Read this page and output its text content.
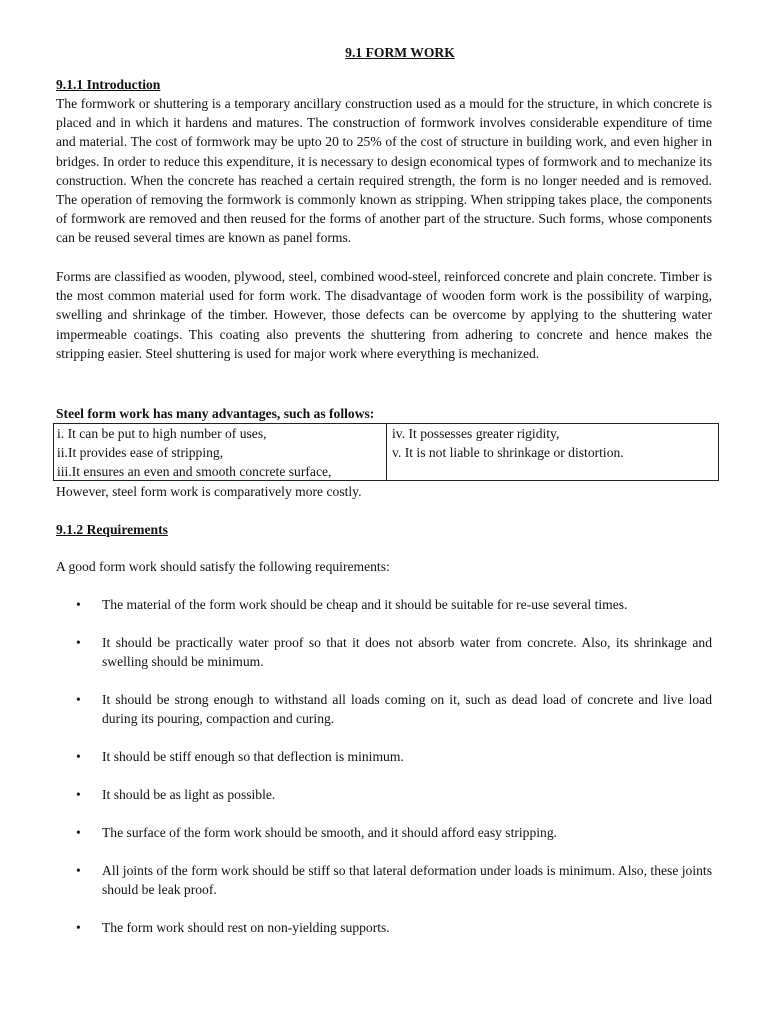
9.1 FORM WORK
9.1.1 Introduction
The formwork or shuttering is a temporary ancillary construction used as a mould for the structure, in which concrete is placed and in which it hardens and matures. The construction of formwork involves considerable expenditure of time and material. The cost of formwork may be upto 20 to 25% of the cost of structure in building work, and even higher in bridges. In order to reduce this expenditure, it is necessary to design economical types of formwork and to mechanize its construction. When the concrete has reached a certain required strength, the form is no longer needed and is removed. The operation of removing the formwork is commonly known as stripping. When stripping takes place, the components of formwork are removed and then reused for the forms of another part of the structure. Such forms, whose components can be reused several times are known as panel forms.
Forms are classified as wooden, plywood, steel, combined wood-steel, reinforced concrete and plain concrete. Timber is the most common material used for form work. The disadvantage of wooden form work is the possibility of warping, swelling and shrinkage of the timber. However, those defects can be overcome by applying to the shuttering water impermeable coatings. This coating also prevents the shuttering from adhering to concrete and hence makes the stripping easier. Steel shuttering is used for major work where everything is mechanized.
Steel form work has many advantages, such as follows:
i. It can be put to high number of uses,
ii.It provides ease of stripping,
iii.It ensures an even and smooth concrete surface,
iv. It possesses greater rigidity,
v. It is not liable to shrinkage or distortion.
However, steel form work is comparatively more costly.
9.1.2 Requirements
A good form work should satisfy the following requirements:
• The material of the form work should be cheap and it should be suitable for re-use several times.
• It should be practically water proof so that it does not absorb water from concrete. Also, its shrinkage and swelling should be minimum.
• It should be strong enough to withstand all loads coming on it, such as dead load of concrete and live load during its pouring, compaction and curing.
• It should be stiff enough so that deflection is minimum.
• It should be as light as possible.
• The surface of the form work should be smooth, and it should afford easy stripping.
• All joints of the form work should be stiff so that lateral deformation under loads is minimum. Also, these joints should be leak proof.
• The form work should rest on non-yielding supports.
